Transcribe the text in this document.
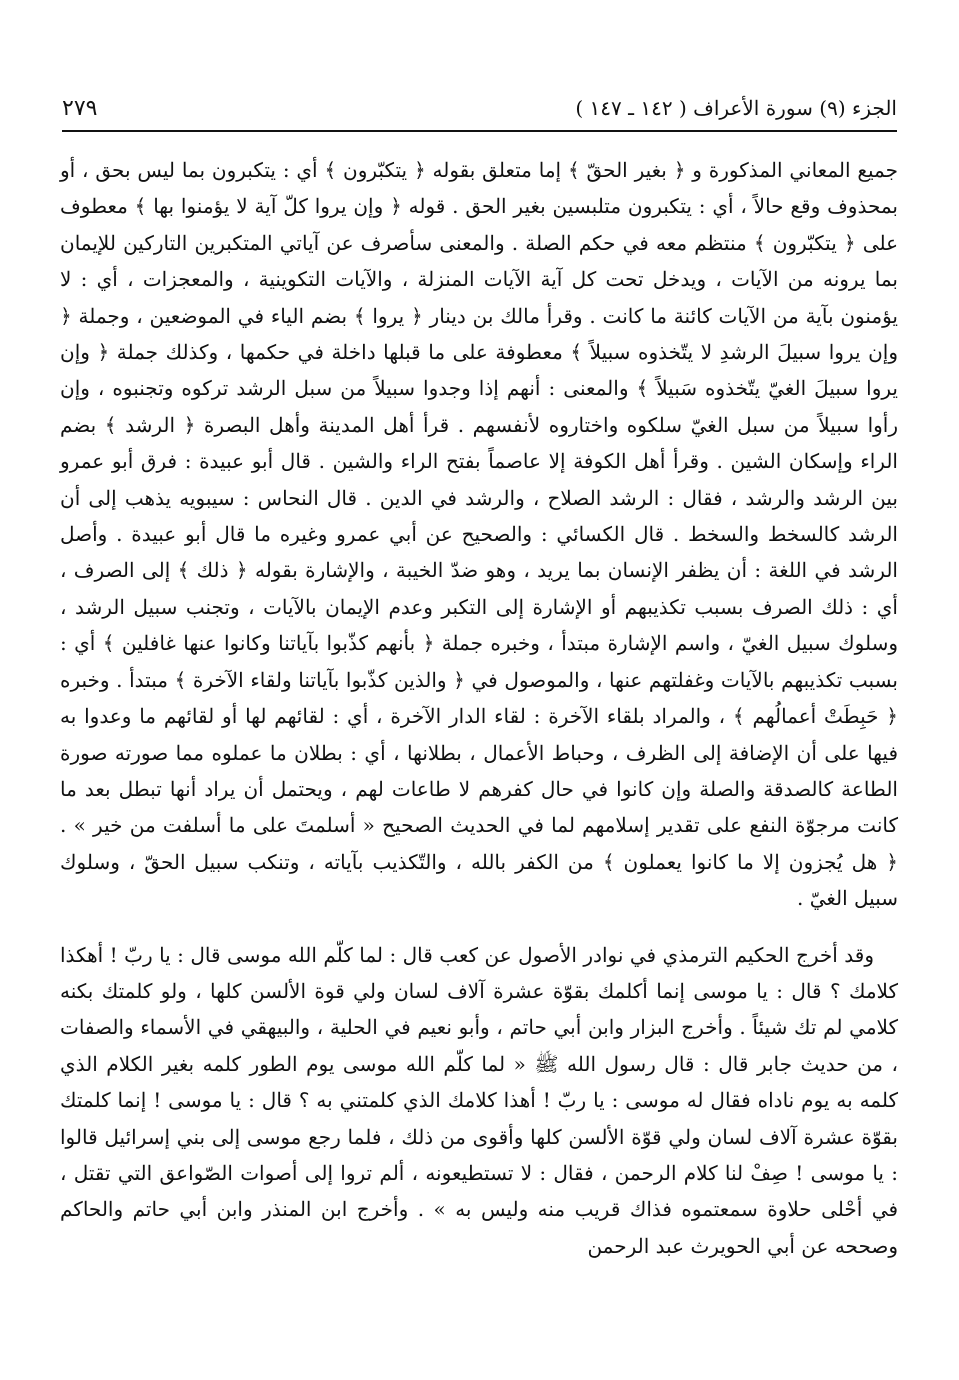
الجزء (٩) سورة الأعراف ( ١٤٢ ـ ١٤٧ )
٢٧٩

جميع المعاني المذكورة و ﴿ بغير الحقّ ﴾ إما متعلق بقوله ﴿ يتكبّرون ﴾ أي : يتكبرون بما ليس بحق ، أو بمحذوف وقع حالاً ، أي : يتكبرون متلبسين بغير الحق . قوله ﴿ وإن يروا كلّ آية لا يؤمنوا بها ﴾ معطوف على ﴿ يتكبّرون ﴾ منتظم معه في حكم الصلة . والمعنى سأصرف عن آياتي المتكبرين التاركين للإيمان بما يرونه من الآيات ، ويدخل تحت كل آية الآيات المنزلة ، والآيات التكوينية ، والمعجزات ، أي : لا يؤمنون بآية من الآيات كائنة ما كانت . وقرأ مالك بن دينار ﴿ يروا ﴾ بضم الياء في الموضعين ، وجملة ﴿ وإن يروا سبيلَ الرشدِ لا يتّخذوه سبيلاً ﴾ معطوفة على ما قبلها داخلة في حكمها ، وكذلك جملة ﴿ وإن يروا سبيلَ الغيّ يتّخذوه سَبيلاً ﴾ والمعنى : أنهم إذا وجدوا سبيلاً من سبل الرشد تركوه وتجنبوه ، وإن رأوا سبيلاً من سبل الغيّ سلكوه واختاروه لأنفسهم . قرأ أهل المدينة وأهل البصرة ﴿ الرشد ﴾ بضم الراء وإسكان الشين . وقرأ أهل الكوفة إلا عاصماً بفتح الراء والشين . قال أبو عبيدة : فرق أبو عمرو بين الرشد والرشد ، فقال : الرشد الصلاح ، والرشد في الدين . قال النحاس : سيبويه يذهب إلى أن الرشد كالسخط والسخط . قال الكسائي : والصحيح عن أبي عمرو وغيره ما قال أبو عبيدة . وأصل الرشد في اللغة : أن يظفر الإنسان بما يريد ، وهو ضدّ الخيبة ، والإشارة بقوله ﴿ ذلك ﴾ إلى الصرف ، أي : ذلك الصرف بسبب تكذيبهم أو الإشارة إلى التكبر وعدم الإيمان بالآيات ، وتجنب سبيل الرشد ، وسلوك سبيل الغيّ ، واسم الإشارة مبتدأ ، وخبره جملة ﴿ بأنهم كذّبوا بآياتنا وكانوا عنها غافلين ﴾ أي : بسبب تكذيبهم بالآيات وغفلتهم عنها ، والموصول في ﴿ والذين كذّبوا بآياتنا ولقاء الآخرة ﴾ مبتدأ . وخبره ﴿ حَبِطَتْ أعمالُهم ﴾ ، والمراد بلقاء الآخرة : لقاء الدار الآخرة ، أي : لقائهم لها أو لقائهم ما وعدوا به فيها على أن الإضافة إلى الظرف ، وحباط الأعمال ، بطلانها ، أي : بطلان ما عملوه مما صورته صورة الطاعة كالصدقة والصلة وإن كانوا في حال كفرهم لا طاعات لهم ، ويحتمل أن يراد أنها تبطل بعد ما كانت مرجوّة النفع على تقدير إسلامهم لما في الحديث الصحيح « أسلمتَ على ما أسلفت من خير » . ﴿ هل يُجزون إلا ما كانوا يعملون ﴾ من الكفر بالله ، والتّكذيب بآياته ، وتنكب سبيل الحقّ ، وسلوك سبيل الغيّ .

وقد أخرج الحكيم الترمذي في نوادر الأصول عن كعب قال : لما كلّم الله موسى قال : يا ربّ ! أهكذا كلامك ؟ قال : يا موسى إنما أكلمك بقوّة عشرة آلاف لسان ولي قوة الألسن كلها ، ولو كلمتك بكنه كلامي لم تك شيئاً . وأخرج البزار وابن أبي حاتم ، وأبو نعيم في الحلية ، والبيهقي في الأسماء والصفات ، من حديث جابر قال : قال رسول الله ﷺ « لما كلّم الله موسى يوم الطور كلمه بغير الكلام الذي كلمه به يوم ناداه فقال له موسى : يا ربّ ! أهذا كلامك الذي كلمتني به ؟ قال : يا موسى ! إنما كلمتك بقوّة عشرة آلاف لسان ولي قوّة الألسن كلها وأقوى من ذلك ، فلما رجع موسى إلى بني إسرائيل قالوا : يا موسى ! صِفْ لنا كلام الرحمن ، فقال : لا تستطيعونه ، ألم تروا إلى أصوات الصّواعق التي تقتل ، في أحْلى حلاوة سمعتموه فذاك قريب منه وليس به » . وأخرج ابن المنذر وابن أبي حاتم والحاكم وصححه عن أبي الحويرث عبد الرحمن
